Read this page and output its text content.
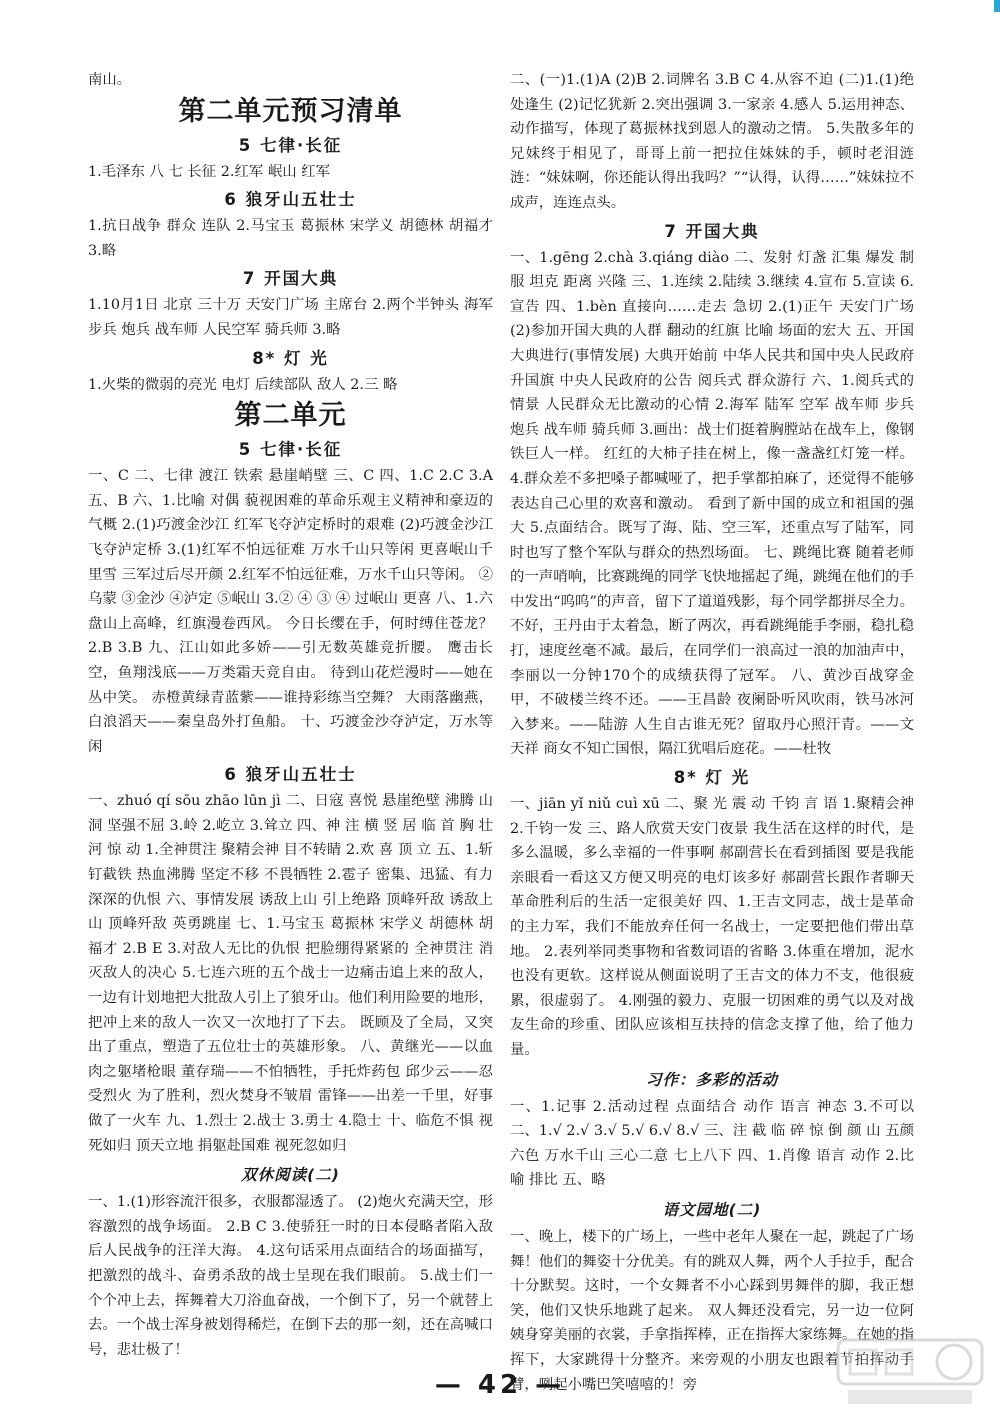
南山。

第二单元预习清单
5 七律·长征

1.毛泽东 八 七 长征 2.红军 岷山 红军

6 狼牙山五壮士

1.抗日战争 群众 连队 2.马宝玉 葛振林 宋学义 胡德林 胡福才 3.略

7 开国大典

1.10月1日 北京 三十万 天安门广场 主席台 2.两个半钟头 海军 步兵 炮兵 战车师 人民空军 骑兵师 3.略

8* 灯 光

1.火柴的微弱的亮光 电灯 后续部队 敌人 2.三 略

第二单元
5 七律·长征

一、C 二、七律 渡江 铁索 悬崖峭壁 三、C 四、1.C 2.C 3.A 五、B 六、1.比喻 对偶 藐视困难的革命乐观主义精神和豪迈的气概 2.(1)巧渡金沙江 红军飞夺泸定桥时的艰难 (2)巧渡金沙江 飞夺泸定桥 3.(1)红军不怕远征难 万水千山只等闲 更喜岷山千里雪 三军过后尽开颜 2.红军不怕远征难，万水千山只等闲。 ②乌蒙 ③金沙 ④泸定 ⑤岷山 3.② ④ ③ ④ 过岷山 更喜 八、1.六盘山上高峰，红旗漫卷西风。 今日长缨在手，何时缚住苍龙？ 2.B 3.B 九、江山如此多娇——引无数英雄竞折腰。 鹰击长空，鱼翔浅底——万类霜天竞自由。 待到山花烂漫时——她在丛中笑。 赤橙黄绿青蓝紫——谁持彩练当空舞？ 大雨落幽燕，白浪滔天——秦皇岛外打鱼船。 十、巧渡金沙夺泸定，万水等闲

6 狼牙山五壮士

一、zhuó qí sōu zhāo lūn jì 二、日寇 喜悦 悬崖绝壁 沸腾 山洞 坚强不屈 3.岭 2.屹立 3.耸立 四、神 注 横 竖 居 临 首 胸 壮 河 惊 动 1.全神贯注 聚精会神 目不转睛 2.欢 喜 顶 立 五、1.斩钉截铁 热血沸腾 坚定不移 不畏牺牲 2.雹子 密集、迅猛、有力 深深的仇恨 六、事情发展 诱敌上山 引上绝路 顶峰歼敌 诱敌上山 顶峰歼敌 英勇跳崖 七、1.马宝玉 葛振林 宋学义 胡德林 胡福才 2.B E 3.对敌人无比的仇恨 把脸绷得紧紧的 全神贯注 消灭敌人的决心 5.七连六班的五个战士一边痛击追上来的敌人，一边有计划地把大批敌人引上了狼牙山。他们利用险要的地形，把冲上来的敌人一次又一次地打了下去。 既顾及了全局，又突出了重点，塑造了五位壮士的英雄形象。 八、黄继光——以血肉之躯堵枪眼 董存瑞——不怕牺牲，手托炸药包 邱少云——忍受烈火 为了胜利，烈火焚身不皱眉 雷锋——出差一千里，好事做了一火车 九、1.烈士 2.战士 3.勇士 4.隐士 十、临危不惧 视死如归 顶天立地 捐躯赴国难 视死忽如归

双休阅读(二)

一、1.(1)形容流汗很多，衣服都湿透了。 (2)炮火充满天空，形容激烈的战争场面。 2.B C 3.使骄狂一时的日本侵略者陷入敌后人民战争的汪洋大海。 4.这句话采用点面结合的场面描写，把激烈的战斗、奋勇杀敌的战士呈现在我们眼前。 5.战士们一个个冲上去，挥舞着大刀浴血奋战，一个倒下了，另一个就替上去。一个战士浑身被划得稀烂，在倒下去的那一刻，还在高喊口号，悲壮极了！

二、(一)1.(1)A (2)B 2.词牌名 3.B C 4.从容不迫 (二)1.(1)绝处逢生 (2)记忆犹新 2.突出强调 3.一家亲 4.感人 5.运用神态、动作描写，体现了葛振林找到恩人的激动之情。 5.失散多年的兄妹终于相见了，哥哥上前一把拉住妹妹的手，顿时老泪涟涟：“妹妹啊，你还能认得出我吗？”“认得，认得……”妹妹拉不成声，连连点头。

7 开国大典

一、1.gēng 2.chà 3.qiáng diào 二、发射 灯盏 汇集 爆发 制服 坦克 距离 兴隆 三、1.连续 2.陆续 3.继续 4.宣布 5.宣读 6.宣告 四、1.bèn 直接向……走去 急切 2.(1)正午 天安门广场 (2)参加开国大典的人群 翻动的红旗 比喻 场面的宏大 五、开国大典进行(事情发展) 大典开始前 中华人民共和国中央人民政府 升国旗 中央人民政府的公告 阅兵式 群众游行 六、1.阅兵式的情景 人民群众无比激动的心情 2.海军 陆军 空军 战车师 步兵 炮兵 战车师 骑兵师 3.画出：战士们挺着胸膛站在战车上，像钢铁巨人一样。 红红的大柿子挂在树上，像一盏盏红灯笼一样。 4.群众差不多把嗓子都喊哑了，把手掌都拍麻了，还觉得不能够表达自己心里的欢喜和激动。 看到了新中国的成立和祖国的强大 5.点面结合。既写了海、陆、空三军，还重点写了陆军，同时也写了整个军队与群众的热烈场面。 七、跳绳比赛 随着老师的一声哨响，比赛跳绳的同学飞快地摇起了绳，跳绳在他们的手中发出“呜呜”的声音，留下了道道残影，每个同学都拼尽全力。不好，王丹由于太着急，断了两次，再看跳绳能手李丽，稳扎稳打，速度丝毫不减。最后，在同学们一浪高过一浪的加油声中，李丽以一分钟170个的成绩获得了冠军。 八、黄沙百战穿金甲，不破楼兰终不还。——王昌龄 夜阑卧听风吹雨，铁马冰河入梦来。——陆游 人生自古谁无死？留取丹心照汗青。——文天祥 商女不知亡国恨，隔江犹唱后庭花。——杜牧

8* 灯 光

一、jiān yǐ niǔ cuì xū 二、聚 光 震 动 千钧 言 语 1.聚精会神 2.千钧一发 三、路人欣赏天安门夜景 我生活在这样的时代，是多么温暖，多么幸福的一件事啊 郝副营长在看到插图 要是我能亲眼看一看这又方便又明亮的电灯该多好 郝副营长跟作者聊天 革命胜利后的生活一定很美好 四、1.王吉文同志，战士是革命的主力军，我们不能放弃任何一名战士，一定要把他们带出草地。 2.表列举同类事物和省数词语的省略 3.体重在增加，泥水也没有更软。这样说从侧面说明了王吉文的体力不支，他很疲累，很虚弱了。 4.刚强的毅力、克服一切困难的勇气以及对战友生命的珍重、团队应该相互扶持的信念支撑了他，给了他力量。

习作：多彩的活动

一、1.记事 2.活动过程 点面结合 动作 语言 神态 3.不可以 二、1.√ 2.√ 3.√ 5.√ 6.√ 8.√ 三、注 截 临 碎 惊 倒 颜 山 五颜六色 万水千山 三心二意 七上八下 四、1.肖像 语言 动作 2.比喻 排比 五、略

语文园地(二)

一、晚上，楼下的广场上，一些中老年人聚在一起，跳起了广场舞！他们的舞姿十分优美。有的跳双人舞，两个人手拉手，配合十分默契。这时，一个女舞者不小心踩到男舞伴的脚，我正想笑，他们又快乐地跳了起来。 双人舞还没看完，另一边一位阿姨身穿美丽的衣裳，手拿指挥棒，正在指挥大家练舞。在她的指挥下，大家跳得十分整齐。来旁观的小朋友也跟着节拍挥动手臂，咧起小嘴巴笑嘻嘻的！旁

— 42 —
